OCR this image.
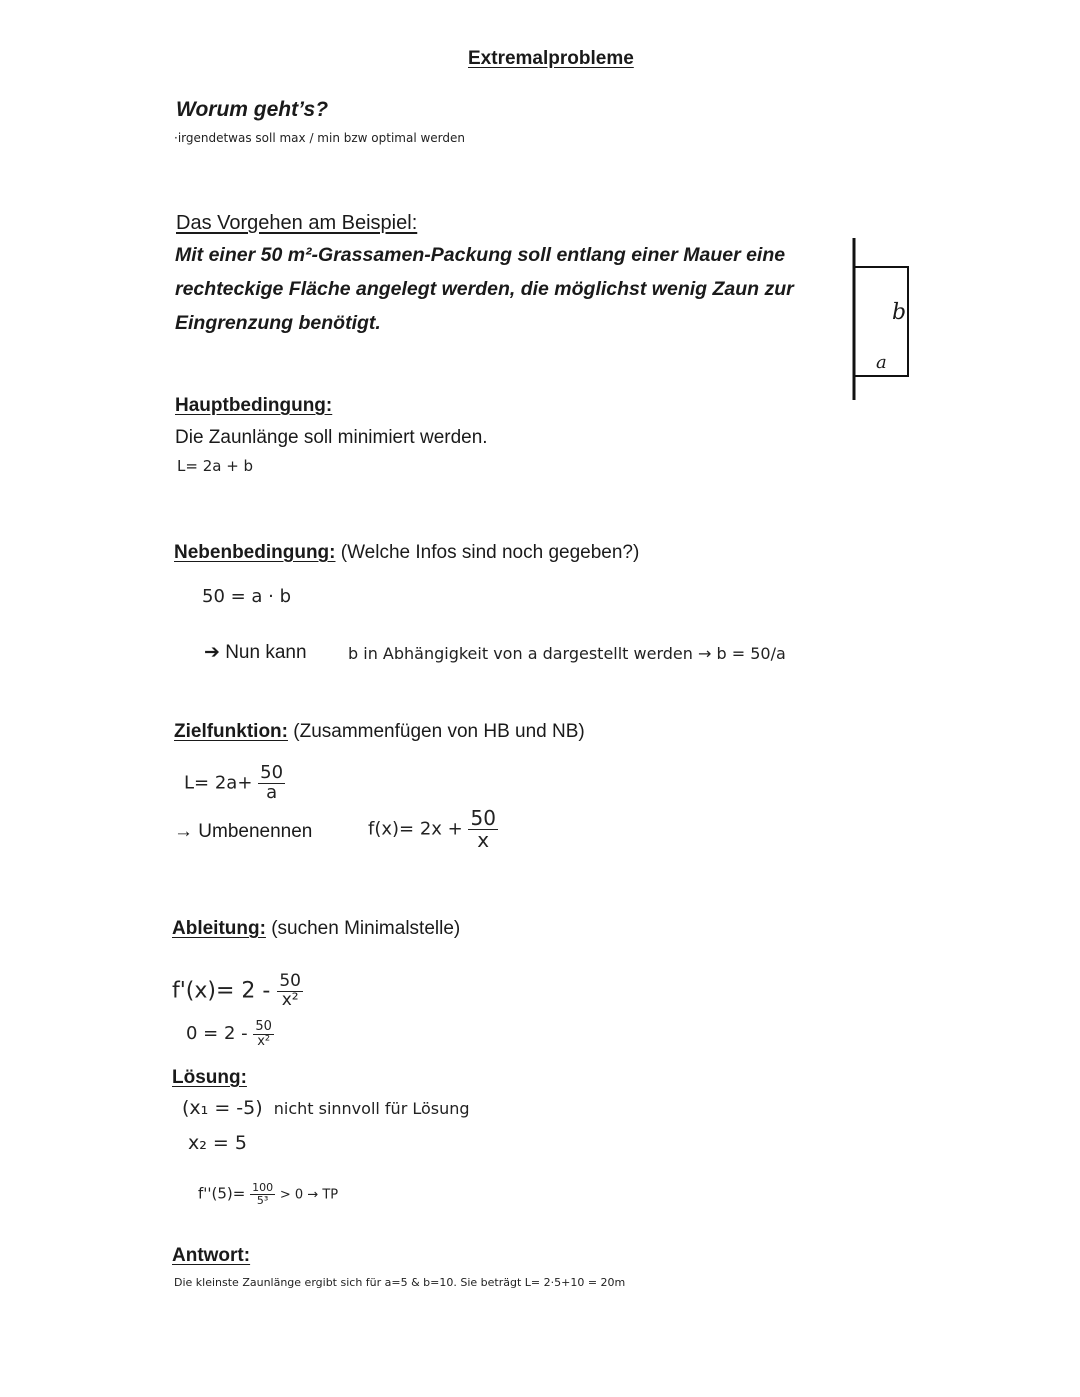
Extremalprobleme
Worum geht’s?
·irgendetwas soll max / min bzw optimal werden
Das Vorgehen am Beispiel:
Mit einer 50 m²-Grassamen-Packung soll entlang einer Mauer eine
rechteckige Fläche angelegt werden, die möglichst wenig Zaun zur
Eingrenzung benötigt.	b
a
Hauptbedingung:
Die Zaunlänge soll minimiert werden.
L= 2a + b
Nebenbedingung: (Welche Infos sind noch gegeben?)
50 = a · b
➔ Nun kann	b in Abhängigkeit von a dargestellt werden → b = 50/a
Zielfunktion: (Zusammenfügen von HB und NB)
$L= 2a+ \frac{50}{a}$
→ Umbenennen	$f(x)= 2x + \frac{50}{x}$
Ableitung: (suchen Minimalstelle)
$f'(x)= 2 - \frac{50}{\text{x²}}$
$0 = 2 - \frac{50}{\text{x²}}$
Lösung:
(x₁ = -5) nicht sinnvoll für Lösung
x₂ = 5
$f''(5)= \frac{100}{\text{5³}} > 0$ → TP
Antwort:
Die kleinste Zaunlänge ergibt sich für a=5 & b=10. Sie beträgt L= 2·5+10 = 20m
